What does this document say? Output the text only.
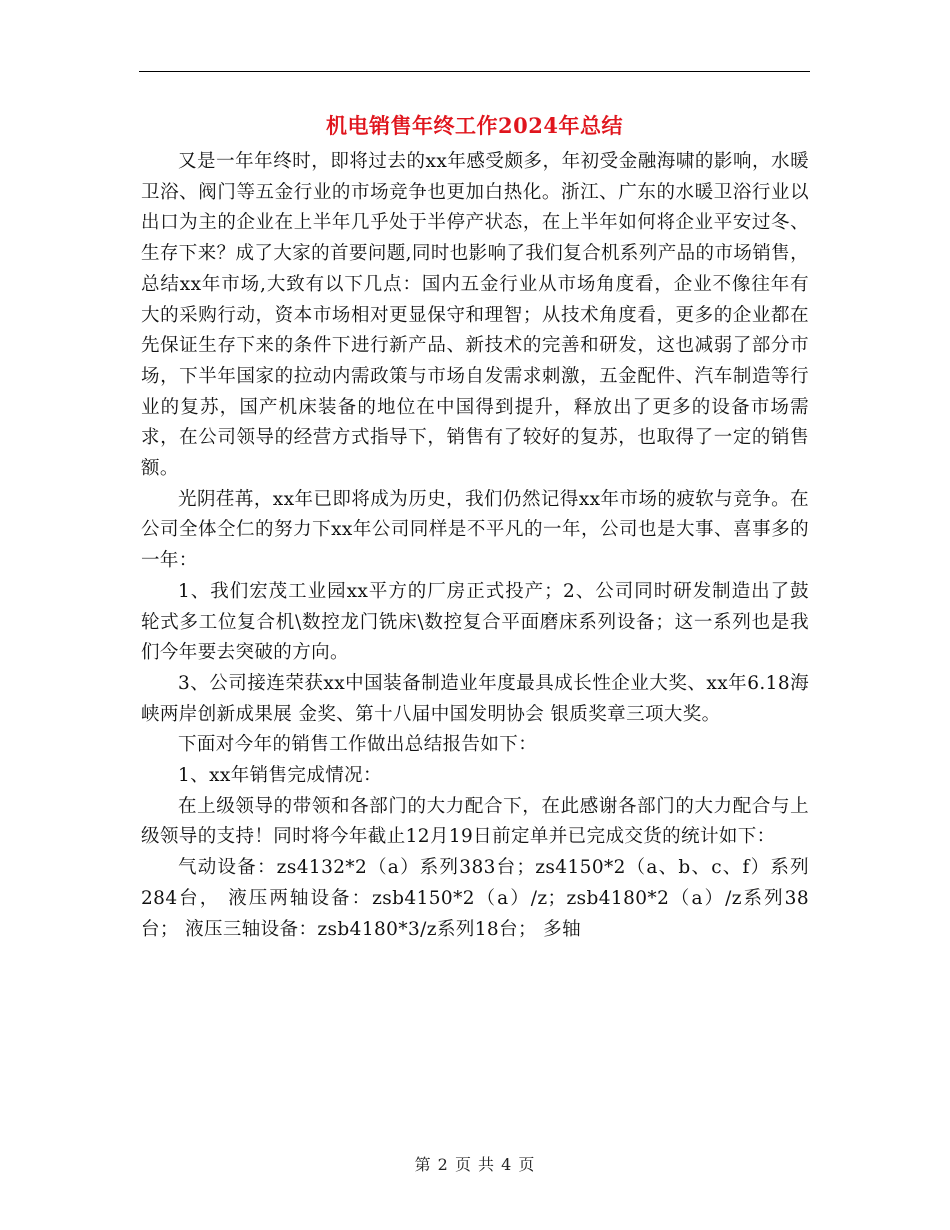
机电销售年终工作2024年总结

又是一年年终时，即将过去的xx年感受颇多，年初受金融海啸的影响，水暖卫浴、阀门等五金行业的市场竞争也更加白热化。浙江、广东的水暖卫浴行业以出口为主的企业在上半年几乎处于半停产状态，在上半年如何将企业平安过冬、生存下来？成了大家的首要问题,同时也影响了我们复合机系列产品的市场销售，总结xx年市场,大致有以下几点：国内五金行业从市场角度看，企业不像往年有大的采购行动，资本市场相对更显保守和理智；从技术角度看，更多的企业都在先保证生存下来的条件下进行新产品、新技术的完善和研发，这也减弱了部分市场，下半年国家的拉动内需政策与市场自发需求刺激，五金配件、汽车制造等行业的复苏，国产机床装备的地位在中国得到提升，释放出了更多的设备市场需求，在公司领导的经营方式指导下，销售有了较好的复苏，也取得了一定的销售额。

光阴荏苒，xx年已即将成为历史，我们仍然记得xx年市场的疲软与竞争。在公司全体仝仁的努力下xx年公司同样是不平凡的一年，公司也是大事、喜事多的一年：

1、我们宏茂工业园xx平方的厂房正式投产；2、公司同时研发制造出了鼓轮式多工位复合机\数控龙门铣床\数控复合平面磨床系列设备；这一系列也是我们今年要去突破的方向。

3、公司接连荣获xx中国装备制造业年度最具成长性企业大奖、xx年6.18海峡两岸创新成果展 金奖、第十八届中国发明协会 银质奖章三项大奖。

下面对今年的销售工作做出总结报告如下：

1、xx年销售完成情况：

在上级领导的带领和各部门的大力配合下，在此感谢各部门的大力配合与上级领导的支持！同时将今年截止12月19日前定单并已完成交货的统计如下：

气动设备：zs4132*2（a）系列383台；zs4150*2（a、b、c、f）系列284台， 液压两轴设备：zsb4150*2（a）/z；zsb4180*2（a）/z系列38台； 液压三轴设备：zsb4180*3/z系列18台； 多轴

第 2 页 共 4 页
